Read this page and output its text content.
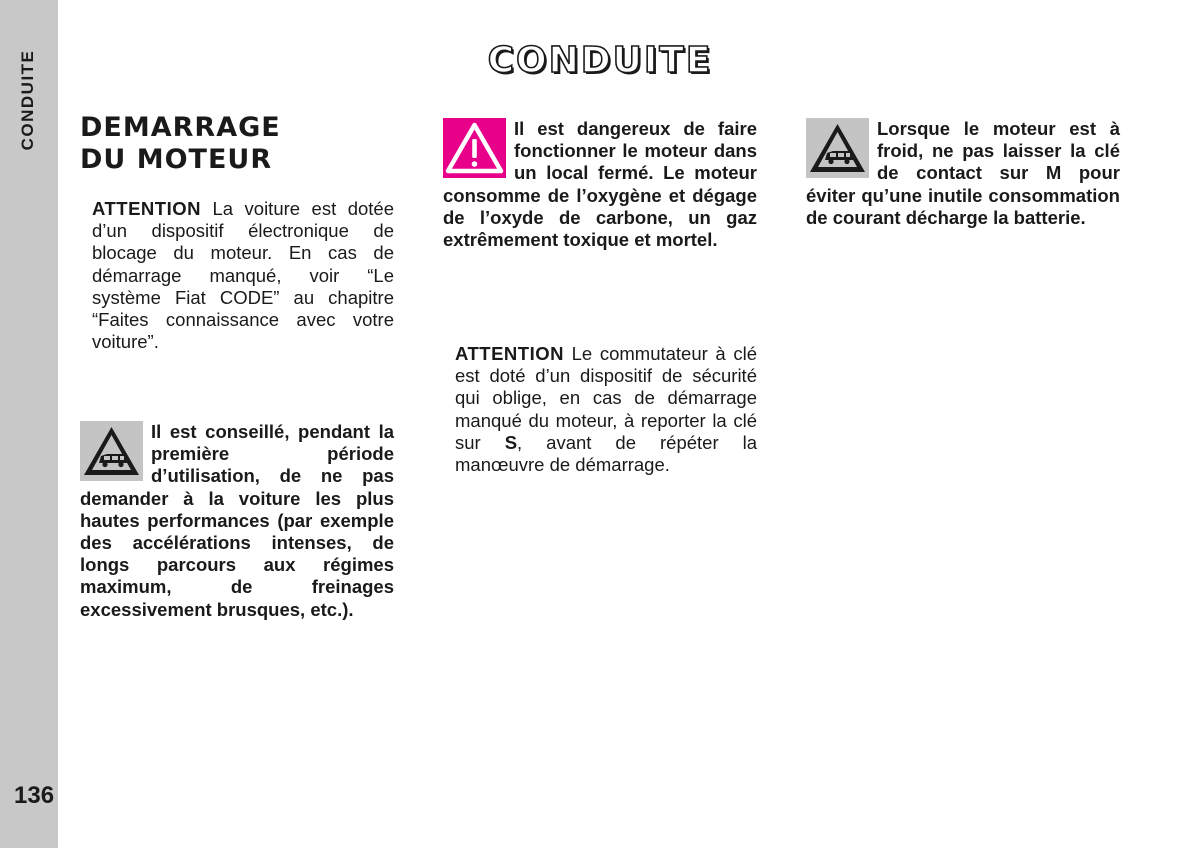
CONDUITE
136
CONDUITE
DEMARRAGE
DU MOTEUR

ATTENTION La voiture est dotée d’un dispositif électronique de blocage du moteur. En cas de démarrage manqué, voir “Le système Fiat CODE” au chapitre “Faites connaissance avec votre voiture”.

Il est conseillé, pendant la première période d’utilisation, de ne pas demander à la voiture les plus hautes performances (par exemple des accélérations intenses, de longs parcours aux régimes maximum, de freinages excessivement brusques, etc.).

Il est dangereux de faire fonctionner le moteur dans un local fermé. Le moteur consomme de l’oxygène et dégage de l’oxyde de carbone, un gaz extrêmement toxique et mortel.

ATTENTION Le commutateur à clé est doté d’un dispositif de sécurité qui oblige, en cas de démarrage manqué du moteur, à reporter la clé sur S, avant de répéter la manœuvre de démarrage.

Lorsque le moteur est à froid, ne pas laisser la clé de contact sur M pour éviter qu’une inutile consommation de courant décharge la batterie.
